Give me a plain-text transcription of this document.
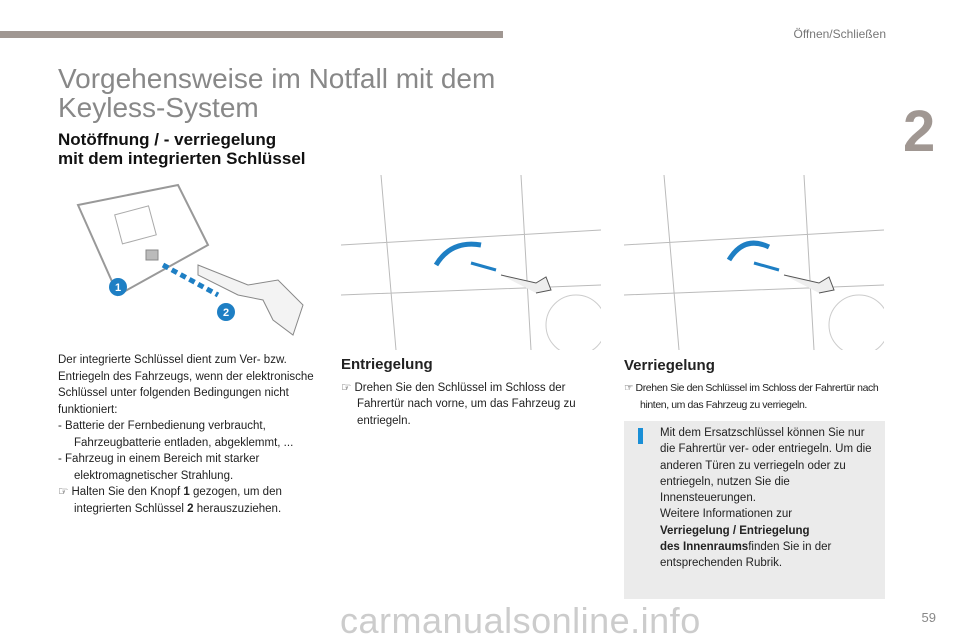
Öffnen/Schließen
2
Vorgehensweise im Notfall mit dem Keyless-System
Notöffnung / - verriegelung
mit dem integrierten Schlüssel
1
2
Der integrierte Schlüssel dient zum Ver- bzw. Entriegeln des Fahrzeugs, wenn der elektronische Schlüssel unter folgenden Bedingungen nicht funktioniert:
- Batterie der Fernbedienung verbraucht, Fahrzeugbatterie entladen, abgeklemmt, ...
- Fahrzeug in einem Bereich mit starker elektromagnetischer Strahlung.
☞ Halten Sie den Knopf 1 gezogen, um den integrierten Schlüssel 2 herauszuziehen.
Entriegelung
☞ Drehen Sie den Schlüssel im Schloss der Fahrertür nach vorne, um das Fahrzeug zu entriegeln.
Verriegelung
☞ Drehen Sie den Schlüssel im Schloss der Fahrertür nach hinten, um das Fahrzeug zu verriegeln.
Mit dem Ersatzschlüssel können Sie nur die Fahrertür ver- oder entriegeln. Um die anderen Türen zu verriegeln oder zu entriegeln, nutzen Sie die Innensteuerungen.
Weitere Informationen zur
Verriegelung / Entriegelung
des Innenraumsfinden Sie in der entsprechenden Rubrik.
carmanualsonline.info	59
